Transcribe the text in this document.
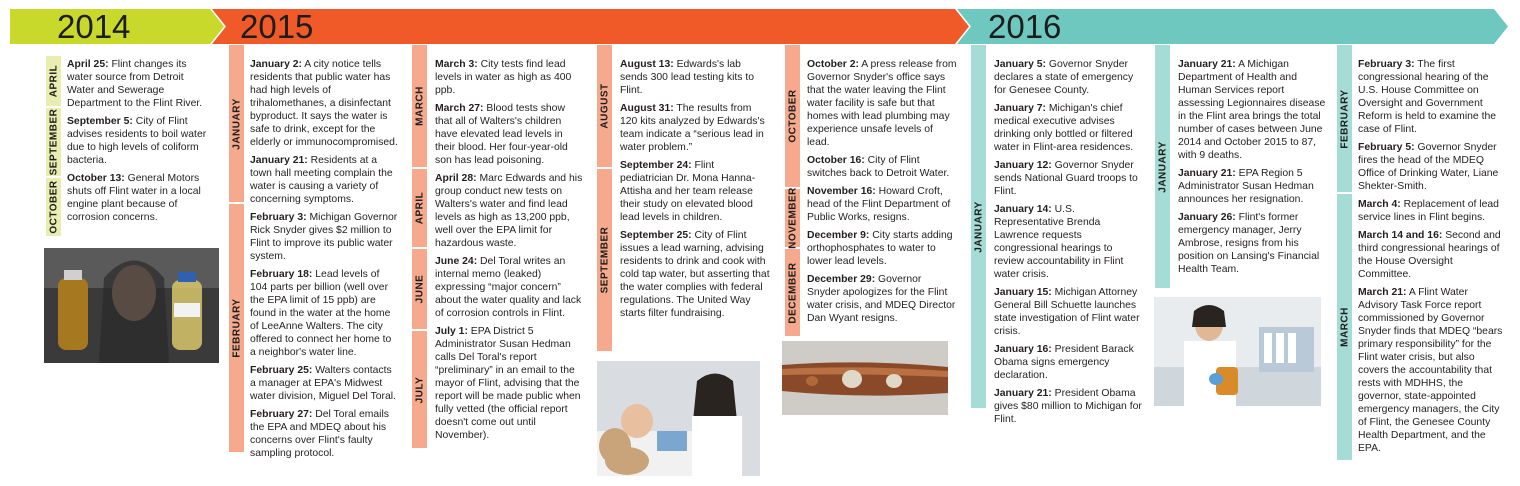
2014	2015	2016
APRIL
SEPTEMBER
OCTOBER

April 25: Flint changes its water source from Detroit Water and Sewerage Department to the Flint River.

September 5: City of Flint advises residents to boil water due to high levels of coliform bacteria.

October 13: General Motors shuts off Flint water in a local engine plant because of corrosion concerns.

JANUARY
FEBRUARY

January 2: A city notice tells residents that public water has had high levels of trihalomethanes, a disinfectant byproduct. It says the water is safe to drink, except for the elderly or immunocompromised.

January 21: Residents at a town hall meeting complain the water is causing a variety of concerning symptoms.

February 3: Michigan Governor Rick Snyder gives $2 million to Flint to improve its public water system.

February 18: Lead levels of 104 parts per billion (well over the EPA limit of 15 ppb) are found in the water at the home of LeeAnne Walters. The city offered to connect her home to a neighbor's water line.

February 25: Walters contacts a manager at EPA's Midwest water division, Miguel Del Toral.

February 27: Del Toral emails the EPA and MDEQ about his concerns over Flint's faulty sampling protocol.

MARCH
APRIL
JUNE
JULY

March 3: City tests find lead levels in water as high as 400 ppb.

March 27: Blood tests show that all of Walters's children have elevated lead levels in their blood. Her four-year-old son has lead poisoning.

April 28: Marc Edwards and his group conduct new tests on Walters's water and find lead levels as high as 13,200 ppb, well over the EPA limit for hazardous waste.

June 24: Del Toral writes an internal memo (leaked) expressing “major concern” about the water quality and lack of corrosion controls in Flint.

July 1: EPA District 5 Administrator Susan Hedman calls Del Toral's report “preliminary” in an email to the mayor of Flint, advising that the report will be made public when fully vetted (the official report doesn't come out until November).

AUGUST
SEPTEMBER

August 13: Edwards's lab sends 300 lead testing kits to Flint.

August 31: The results from 120 kits analyzed by Edwards's team indicate a “serious lead in water problem.”

September 24: Flint pediatrician Dr. Mona Hanna-Attisha and her team release their study on elevated blood lead levels in children.

September 25: City of Flint issues a lead warning, advising residents to drink and cook with cold tap water, but asserting that the water complies with federal regulations. The United Way starts filter fundraising.

OCTOBER
NOVEMBER
DECEMBER

October 2: A press release from Governor Snyder's office says that the water leaving the Flint water facility is safe but that homes with lead plumbing may experience unsafe levels of lead.

October 16: City of Flint switches back to Detroit Water.

November 16: Howard Croft, head of the Flint Department of Public Works, resigns.

December 9: City starts adding orthophosphates to water to lower lead levels.

December 29: Governor Snyder apologizes for the Flint water crisis, and MDEQ Director Dan Wyant resigns.

JANUARY

January 5: Governor Snyder declares a state of emergency for Genesee County.

January 7: Michigan's chief medical executive advises drinking only bottled or filtered water in Flint-area residences.

January 12: Governor Snyder sends National Guard troops to Flint.

January 14: U.S. Representative Brenda Lawrence requests congressional hearings to review accountability in Flint water crisis.

January 15: Michigan Attorney General Bill Schuette launches state investigation of Flint water crisis.

January 16: President Barack Obama signs emergency declaration.

January 21: President Obama gives $80 million to Michigan for Flint.

JANUARY

January 21: A Michigan Department of Health and Human Services report assessing Legionnaires disease in the Flint area brings the total number of cases between June 2014 and October 2015 to 87, with 9 deaths.

January 21: EPA Region 5 Administrator Susan Hedman announces her resignation.

January 26: Flint's former emergency manager, Jerry Ambrose, resigns from his position on Lansing's Financial Health Team.

FEBRUARY
MARCH

February 3: The first congressional hearing of the U.S. House Committee on Oversight and Government Reform is held to examine the case of Flint.

February 5: Governor Snyder fires the head of the MDEQ Office of Drinking Water, Liane Shekter-Smith.

March 4: Replacement of lead service lines in Flint begins.

March 14 and 16: Second and third congressional hearings of the House Oversight Committee.

March 21: A Flint Water Advisory Task Force report commissioned by Governor Snyder finds that MDEQ “bears primary responsibility” for the Flint water crisis, but also covers the accountability that rests with MDHHS, the governor, state-appointed emergency managers, the City of Flint, the Genesee County Health Department, and the EPA.
